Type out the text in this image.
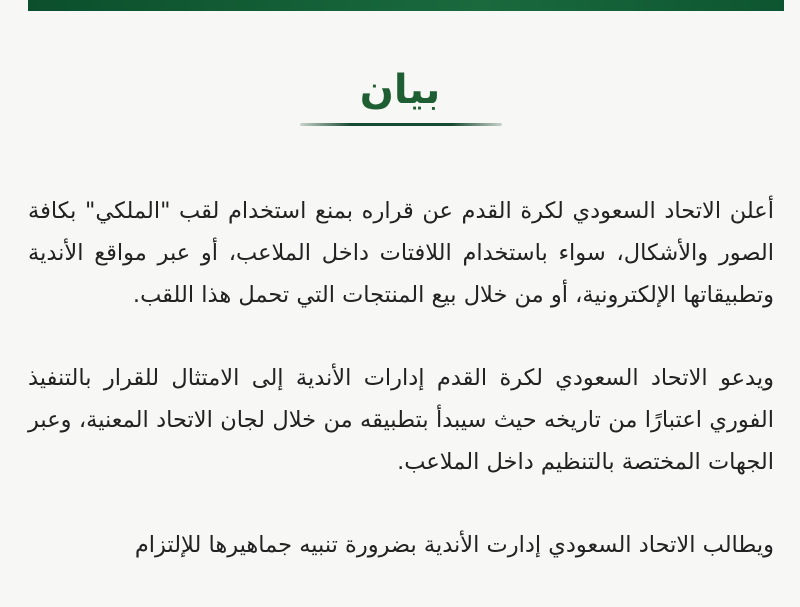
بيان

أعلن الاتحاد السعودي لكرة القدم عن قراره بمنع استخدام لقب "الملكي" بكافة الصور والأشكال، سواء باستخدام اللافتات داخل الملاعب، أو عبر مواقع الأندية وتطبيقاتها الإلكترونية، أو من خلال بيع المنتجات التي تحمل هذا اللقب.

ويدعو الاتحاد السعودي لكرة القدم إدارات الأندية إلى الامتثال للقرار بالتنفيذ الفوري اعتبارًا من تاريخه حيث سيبدأ بتطبيقه من خلال لجان الاتحاد المعنية، وعبر الجهات المختصة بالتنظيم داخل الملاعب.

ويطالب الاتحاد السعودي إدارت الأندية بضرورة تنبيه جماهيرها للإلتزام
